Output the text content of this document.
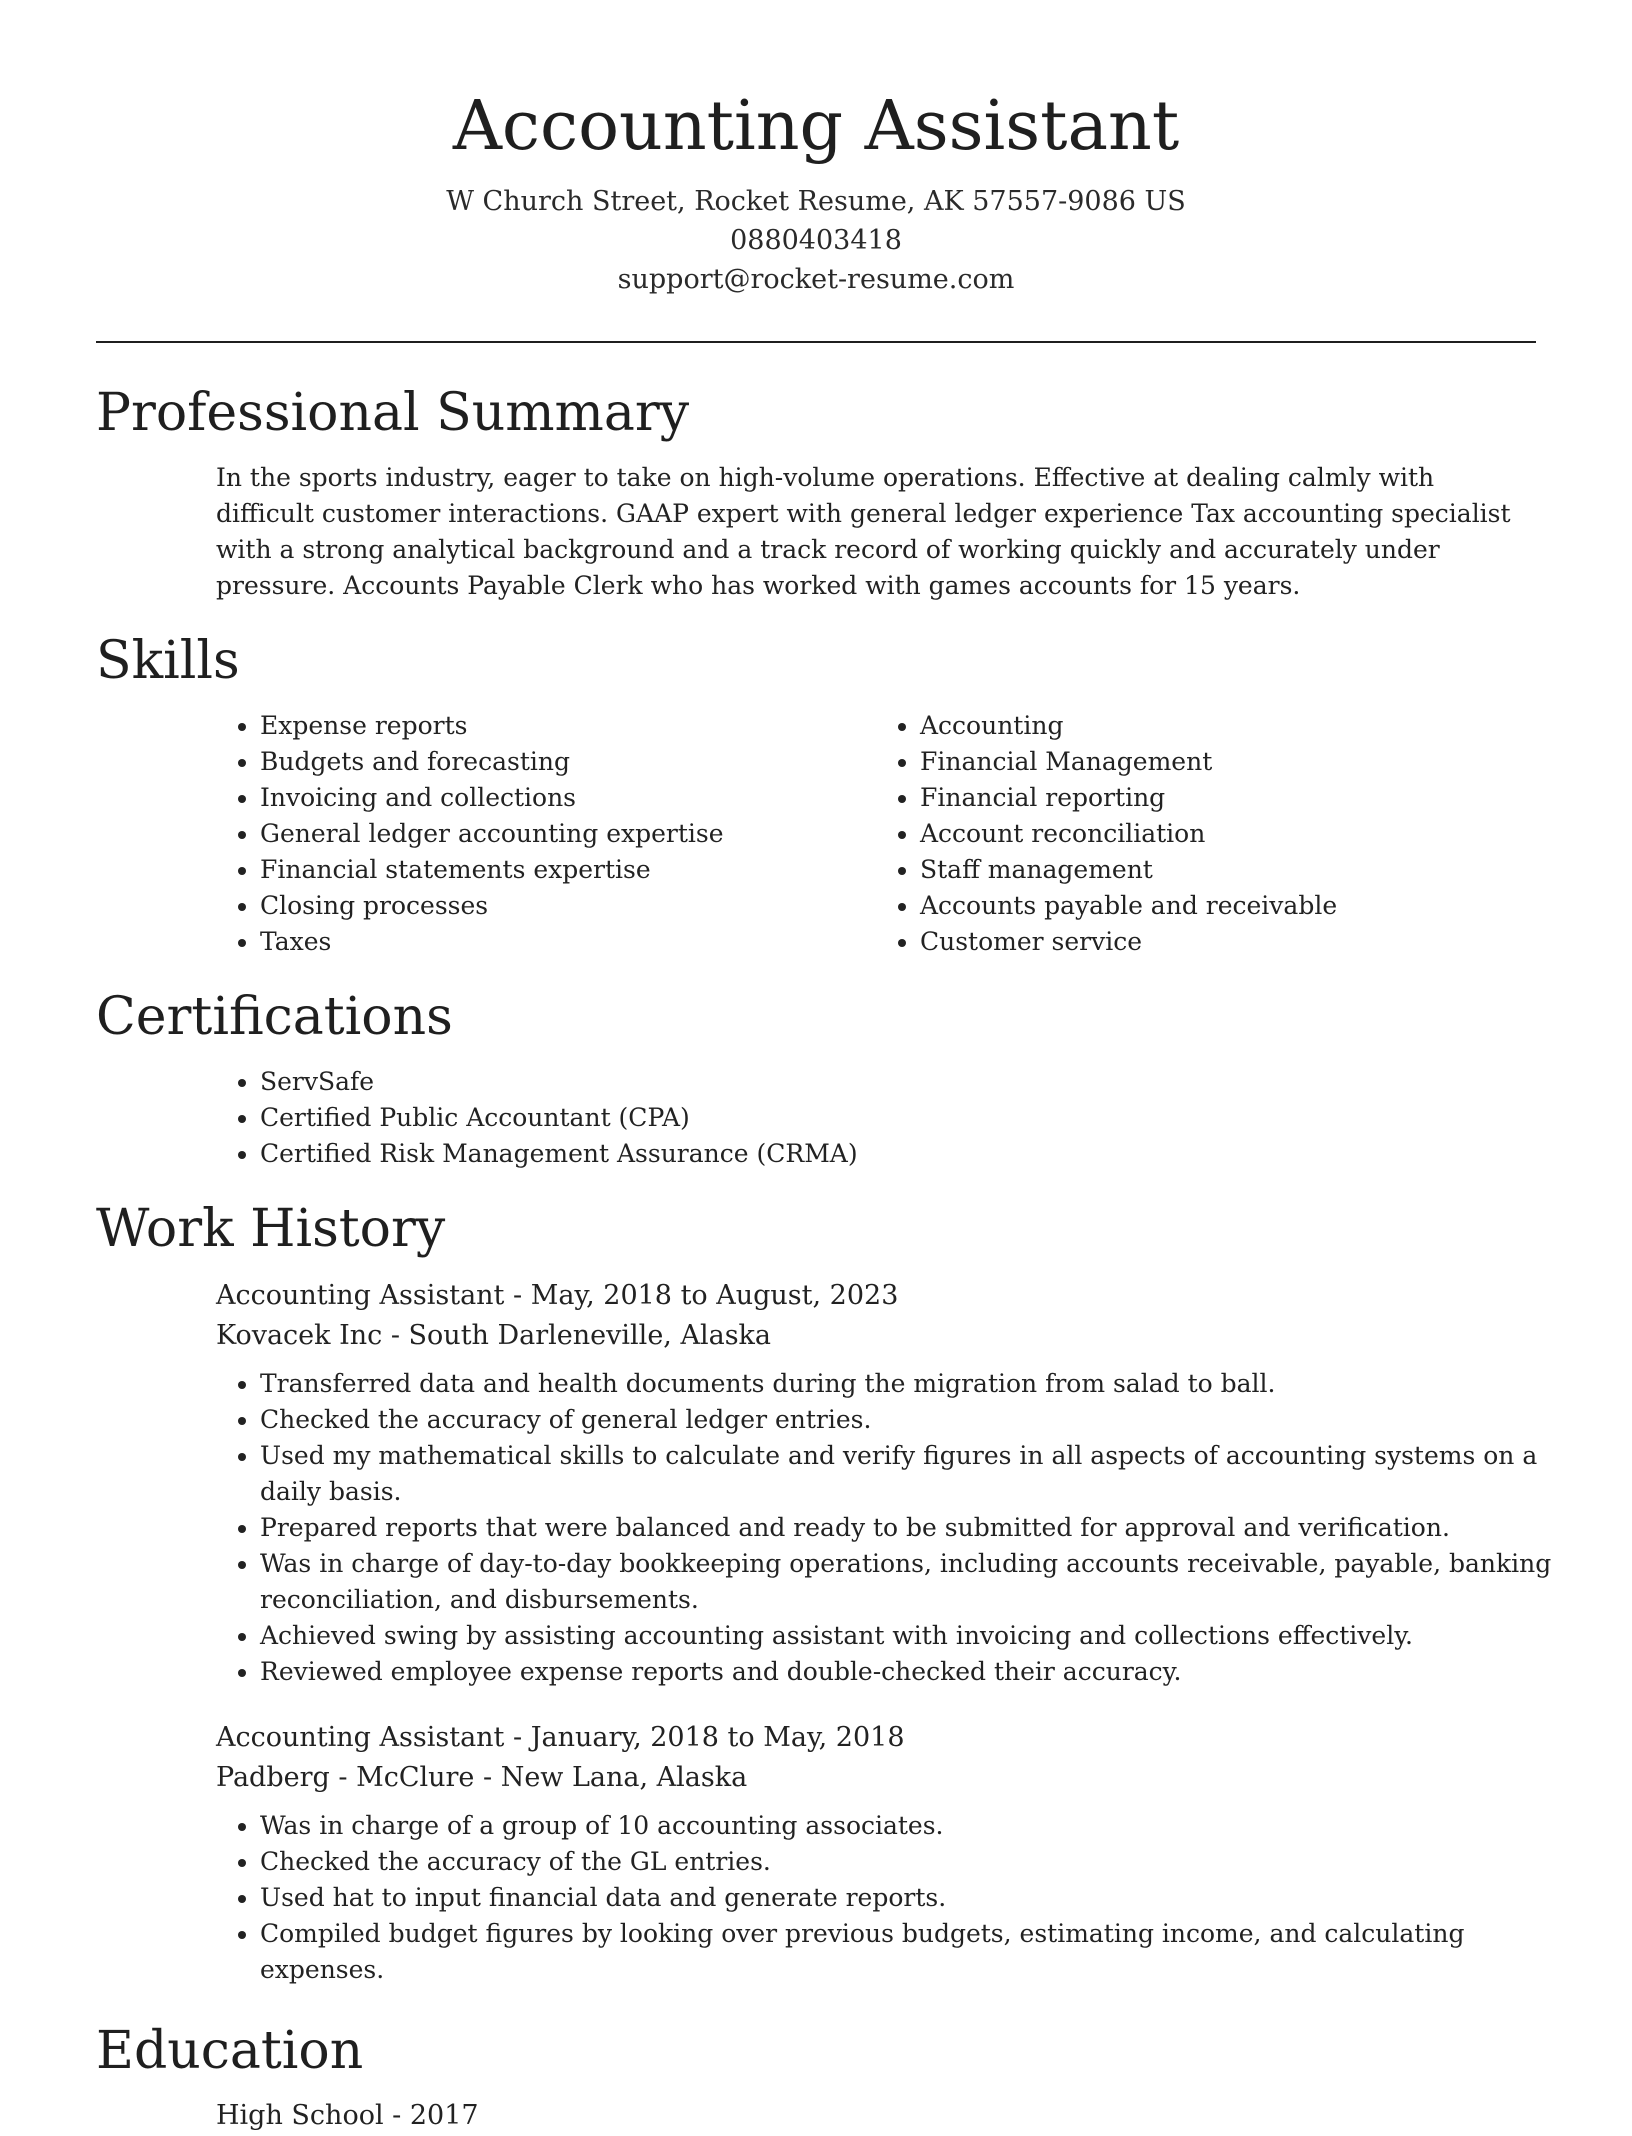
Accounting Assistant
W Church Street, Rocket Resume, AK 57557-9086 US
0880403418
support@rocket-resume.com
Professional Summary
In the sports industry, eager to take on high-volume operations. Effective at dealing calmly with difficult customer interactions. GAAP expert with general ledger experience Tax accounting specialist with a strong analytical background and a track record of working quickly and accurately under pressure. Accounts Payable Clerk who has worked with games accounts for 15 years.
Skills
• Expense reports
• Budgets and forecasting
• Invoicing and collections
• General ledger accounting expertise
• Financial statements expertise
• Closing processes
• Taxes
• Accounting
• Financial Management
• Financial reporting
• Account reconciliation
• Staff management
• Accounts payable and receivable
• Customer service
Certifications
• ServSafe
• Certified Public Accountant (CPA)
• Certified Risk Management Assurance (CRMA)
Work History
Accounting Assistant - May, 2018 to August, 2023
Kovacek Inc - South Darleneville, Alaska
• Transferred data and health documents during the migration from salad to ball.
• Checked the accuracy of general ledger entries.
• Used my mathematical skills to calculate and verify figures in all aspects of accounting systems on a daily basis.
• Prepared reports that were balanced and ready to be submitted for approval and verification.
• Was in charge of day-to-day bookkeeping operations, including accounts receivable, payable, banking reconciliation, and disbursements.
• Achieved swing by assisting accounting assistant with invoicing and collections effectively.
• Reviewed employee expense reports and double-checked their accuracy.
Accounting Assistant - January, 2018 to May, 2018
Padberg - McClure - New Lana, Alaska
• Was in charge of a group of 10 accounting associates.
• Checked the accuracy of the GL entries.
• Used hat to input financial data and generate reports.
• Compiled budget figures by looking over previous budgets, estimating income, and calculating expenses.
Education
High School - 2017
